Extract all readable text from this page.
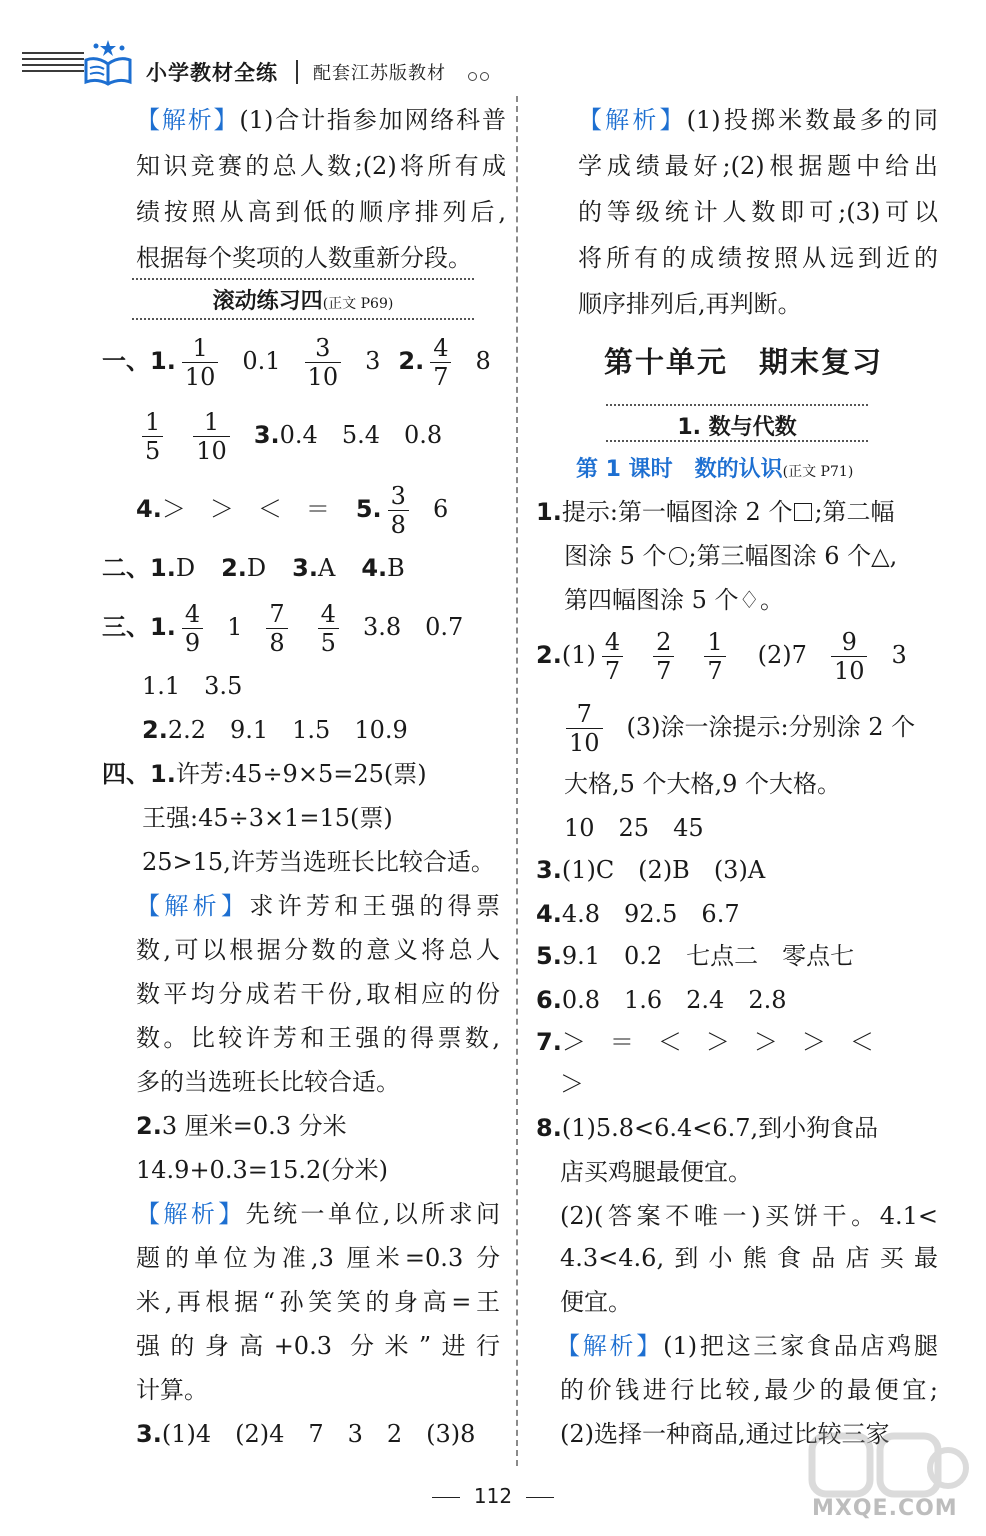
小学教材全练 配套江苏版教材
【解析】(1)合计指参加网络科普
知识竞赛的总人数;(2)将所有成
绩按照从高到低的顺序排列后,
根据每个奖项的人数重新分段。
滚动练习四(正文 P69)
一、1. $\frac{1}{10} 0.1 \frac{3}{10} 3$ 2. $\frac{4}{7} 8$
$\frac{1}{5} \frac{1}{10} 3.0.4$　5.4　0.8
4.＞　＞　＜　＝ 5. $\frac{3}{8} 6$
二、1.D 2.D 3.A 4.B
三、1. $\frac{4}{9} 1 \frac{7}{8} \frac{4}{5} 3.8$　0.7
1.1　3.5
2.2.2　9.1　1.5　10.9
四、1.许芳:45÷9×5=25(票)
王强:45÷3×1=15(票)
25>15,许芳当选班长比较合适。
【解析】求许芳和王强的得票
数,可以根据分数的意义将总人
数平均分成若干份,取相应的份
数。比较许芳和王强的得票数,
多的当选班长比较合适。
2.3 厘米=0.3 分米
14.9+0.3=15.2(分米)
【解析】先统一单位,以所求问
题的单位为准,3 厘米=0.3 分
米,再根据“孙笑笑的身高=王
强的身高+0.3 分米”进行
计算。
3.(1)4　(2)4　7　3　2　(3)8
【解析】(1)投掷米数最多的同
学成绩最好;(2)根据题中给出
的等级统计人数即可;(3)可以
将所有的成绩按照从远到近的
顺序排列后,再判断。
第十单元　期末复习
1. 数与代数
第 1 课时　数的认识(正文 P71)
1.提示:第一幅图涂 2 个 ;第二幅
图涂 5 个 ;第三幅图涂 6 个△,
第四幅图涂 5 个♢。
$2.(1) \frac{4}{7} \frac{2}{7} \frac{1}{7} (2)7 \frac{9}{10} 3$
$\frac{7}{10} (3)$涂一涂提示:分别涂 2 个
大格,5 个大格,9 个大格。
10　25　45
3.(1)C　(2)B　(3)A
4.4.8　92.5　6.7
5.9.1　0.2　七点二　零点七
6.0.8　1.6　2.4　2.8
7.＞　＝　＜　＞　＞　＞　＜
＞
8.(1)5.8<6.4<6.7,到小狗食品
店买鸡腿最便宜。
(2)(答案不唯一)买饼干。4.1<
4.3<4.6,到小熊食品店买最
便宜。
【解析】(1)把这三家食品店鸡腿
的价钱进行比较,最少的最便宜;
(2)选择一种商品,通过比较三家
112	MXQE.COM
